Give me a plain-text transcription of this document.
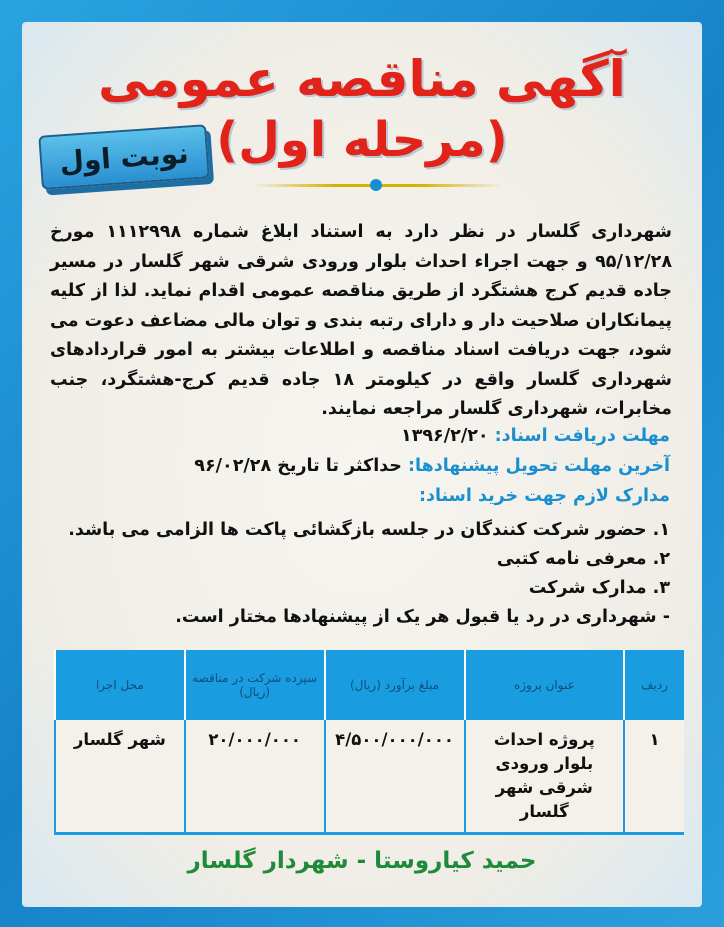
آگهی مناقصه عمومی
(مرحله اول)
نوبت اول
شهرداری گلسار در نظر دارد به استناد ابلاغ شماره ۱۱۱۲۹۹۸ مورخ ۹۵/۱۲/۲۸ و جهت اجراء احداث بلوار ورودی شرقی شهر گلسار در مسیر جاده قدیم کرج هشتگرد از طریق مناقصه عمومی اقدام نماید. لذا از کلیه پیمانکاران صلاحیت دار و دارای رتبه بندی و توان مالی مضاعف دعوت می شود، جهت دریافت اسناد مناقصه و اطلاعات بیشتر به امور قراردادهای شهرداری گلسار واقع در کیلومتر ۱۸ جاده قدیم کرج-هشتگرد، جنب مخابرات، شهرداری گلسار مراجعه نمایند.
مهلت دریافت اسناد: ۱۳۹۶/۲/۲۰
آخرین مهلت تحویل پیشنهادها: حداکثر تا تاریخ ۹۶/۰۲/۲۸
مدارک لازم جهت خرید اسناد:
۱. حضور شرکت کنندگان در جلسه بازگشائی پاکت ها الزامی می باشد.
۲. معرفی نامه کتبی
۳. مدارک شرکت
- شهرداری در رد یا قبول هر یک از پیشنهادها مختار است.
ردیف	عنوان پروژه	مبلغ برآورد (ریال)	سپرده شرکت در مناقصه (ریال)	محل اجرا
۱	پروژه احداث بلوار ورودی شرقی شهر گلسار	۴/۵۰۰/۰۰۰/۰۰۰	۲۰/۰۰۰/۰۰۰	شهر گلسار
حمید کیاروستا - شهردار گلسار
